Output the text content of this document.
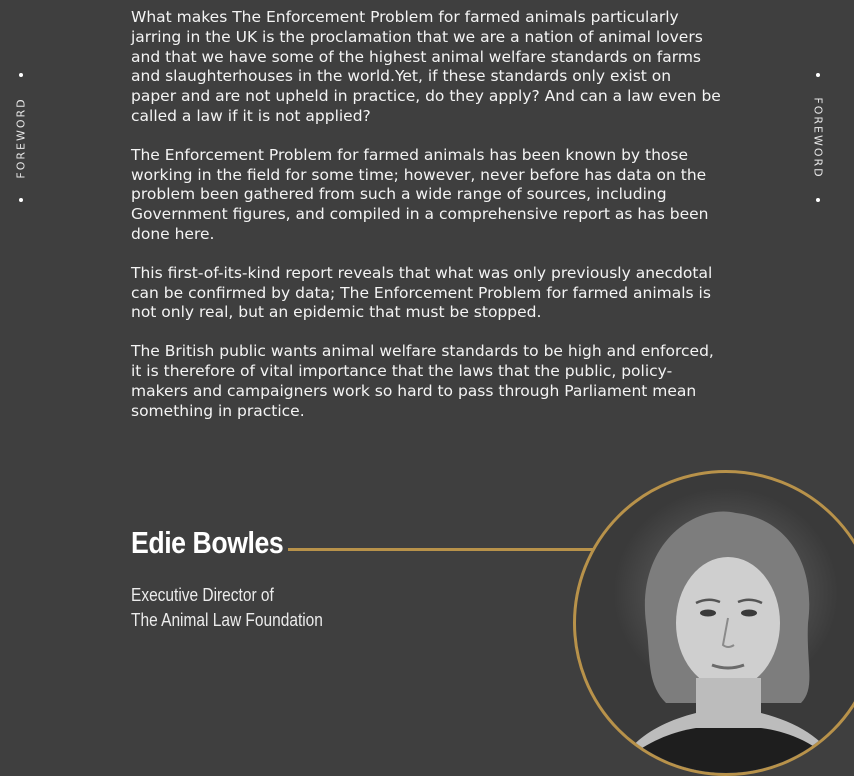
FOREWORD	FOREWORD

What makes The Enforcement Problem for farmed animals particularly jarring in the UK is the proclamation that we are a nation of animal lovers and that we have some of the highest animal welfare standards on farms and slaughterhouses in the world.Yet, if these standards only exist on paper and are not upheld in practice, do they apply? And can a law even be called a law if it is not applied?

The Enforcement Problem for farmed animals has been known by those working in the field for some time; however, never before has data on the problem been gathered from such a wide range of sources, including Government figures, and compiled in a comprehensive report as has been done here.

This first-of-its-kind report reveals that what was only previously anecdotal can be confirmed by data; The Enforcement Problem for farmed animals is not only real, but an epidemic that must be stopped.

The British public wants animal welfare standards to be high and enforced, it is therefore of vital importance that the laws that the public, policy-makers and campaigners work so hard to pass through Parliament mean something in practice.

Edie Bowles
Executive Director of
The Animal Law Foundation
